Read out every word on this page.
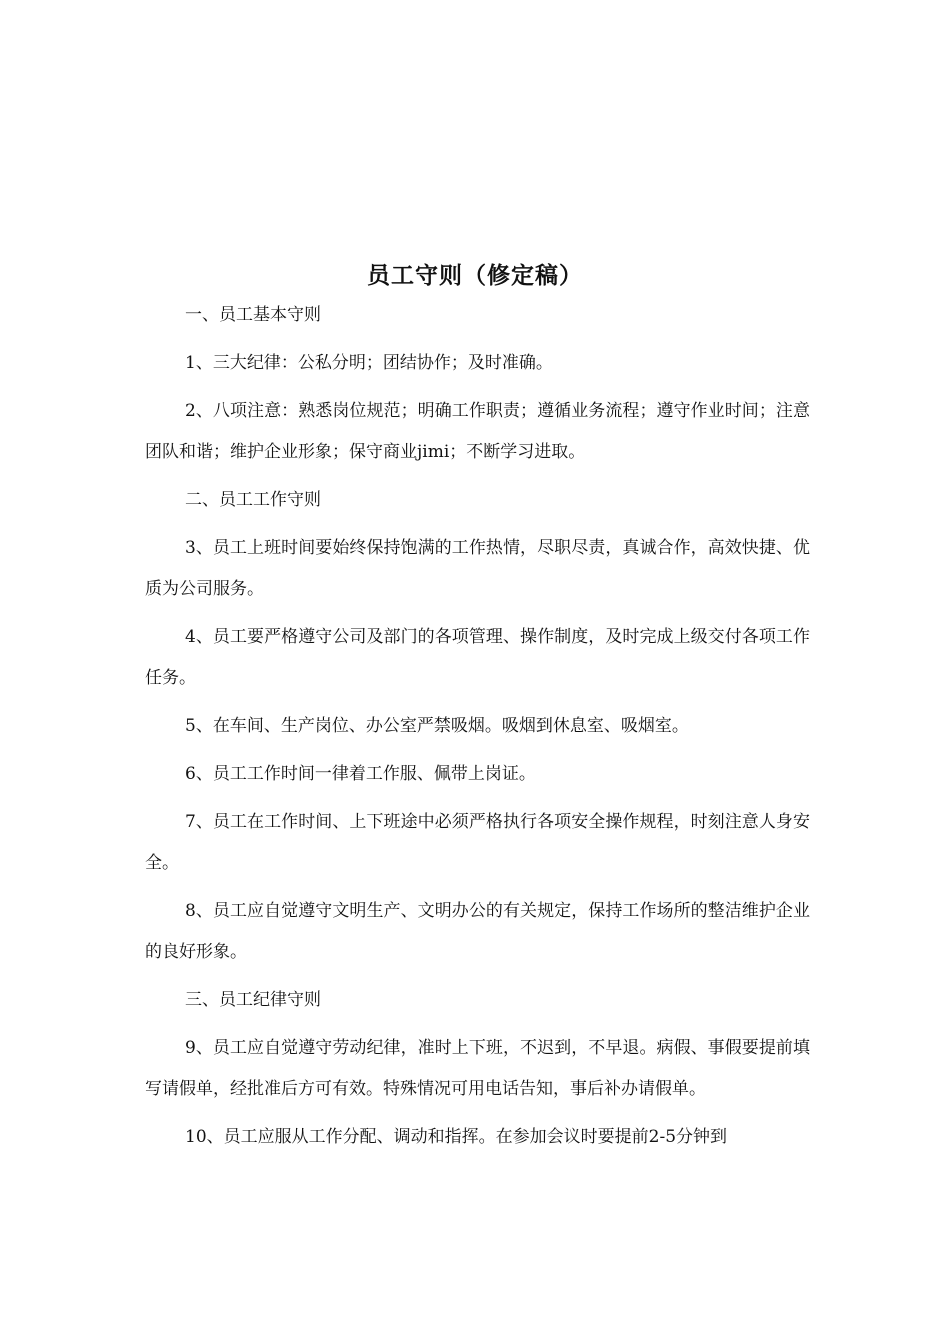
员工守则（修定稿）

一、员工基本守则

1、三大纪律：公私分明；团结协作；及时准确。

2、八项注意：熟悉岗位规范；明确工作职责；遵循业务流程；遵守作业时间；注意团队和谐；维护企业形象；保守商业jimi；不断学习进取。

二、员工工作守则

3、员工上班时间要始终保持饱满的工作热情，尽职尽责，真诚合作，高效快捷、优质为公司服务。

4、员工要严格遵守公司及部门的各项管理、操作制度，及时完成上级交付各项工作任务。

5、在车间、生产岗位、办公室严禁吸烟。吸烟到休息室、吸烟室。

6、员工工作时间一律着工作服、佩带上岗证。

7、员工在工作时间、上下班途中必须严格执行各项安全操作规程，时刻注意人身安全。

8、员工应自觉遵守文明生产、文明办公的有关规定，保持工作场所的整洁维护企业的良好形象。

三、员工纪律守则

9、员工应自觉遵守劳动纪律，准时上下班，不迟到，不早退。病假、事假要提前填写请假单，经批准后方可有效。特殊情况可用电话告知，事后补办请假单。

10、员工应服从工作分配、调动和指挥。在参加会议时要提前2-5分钟到
